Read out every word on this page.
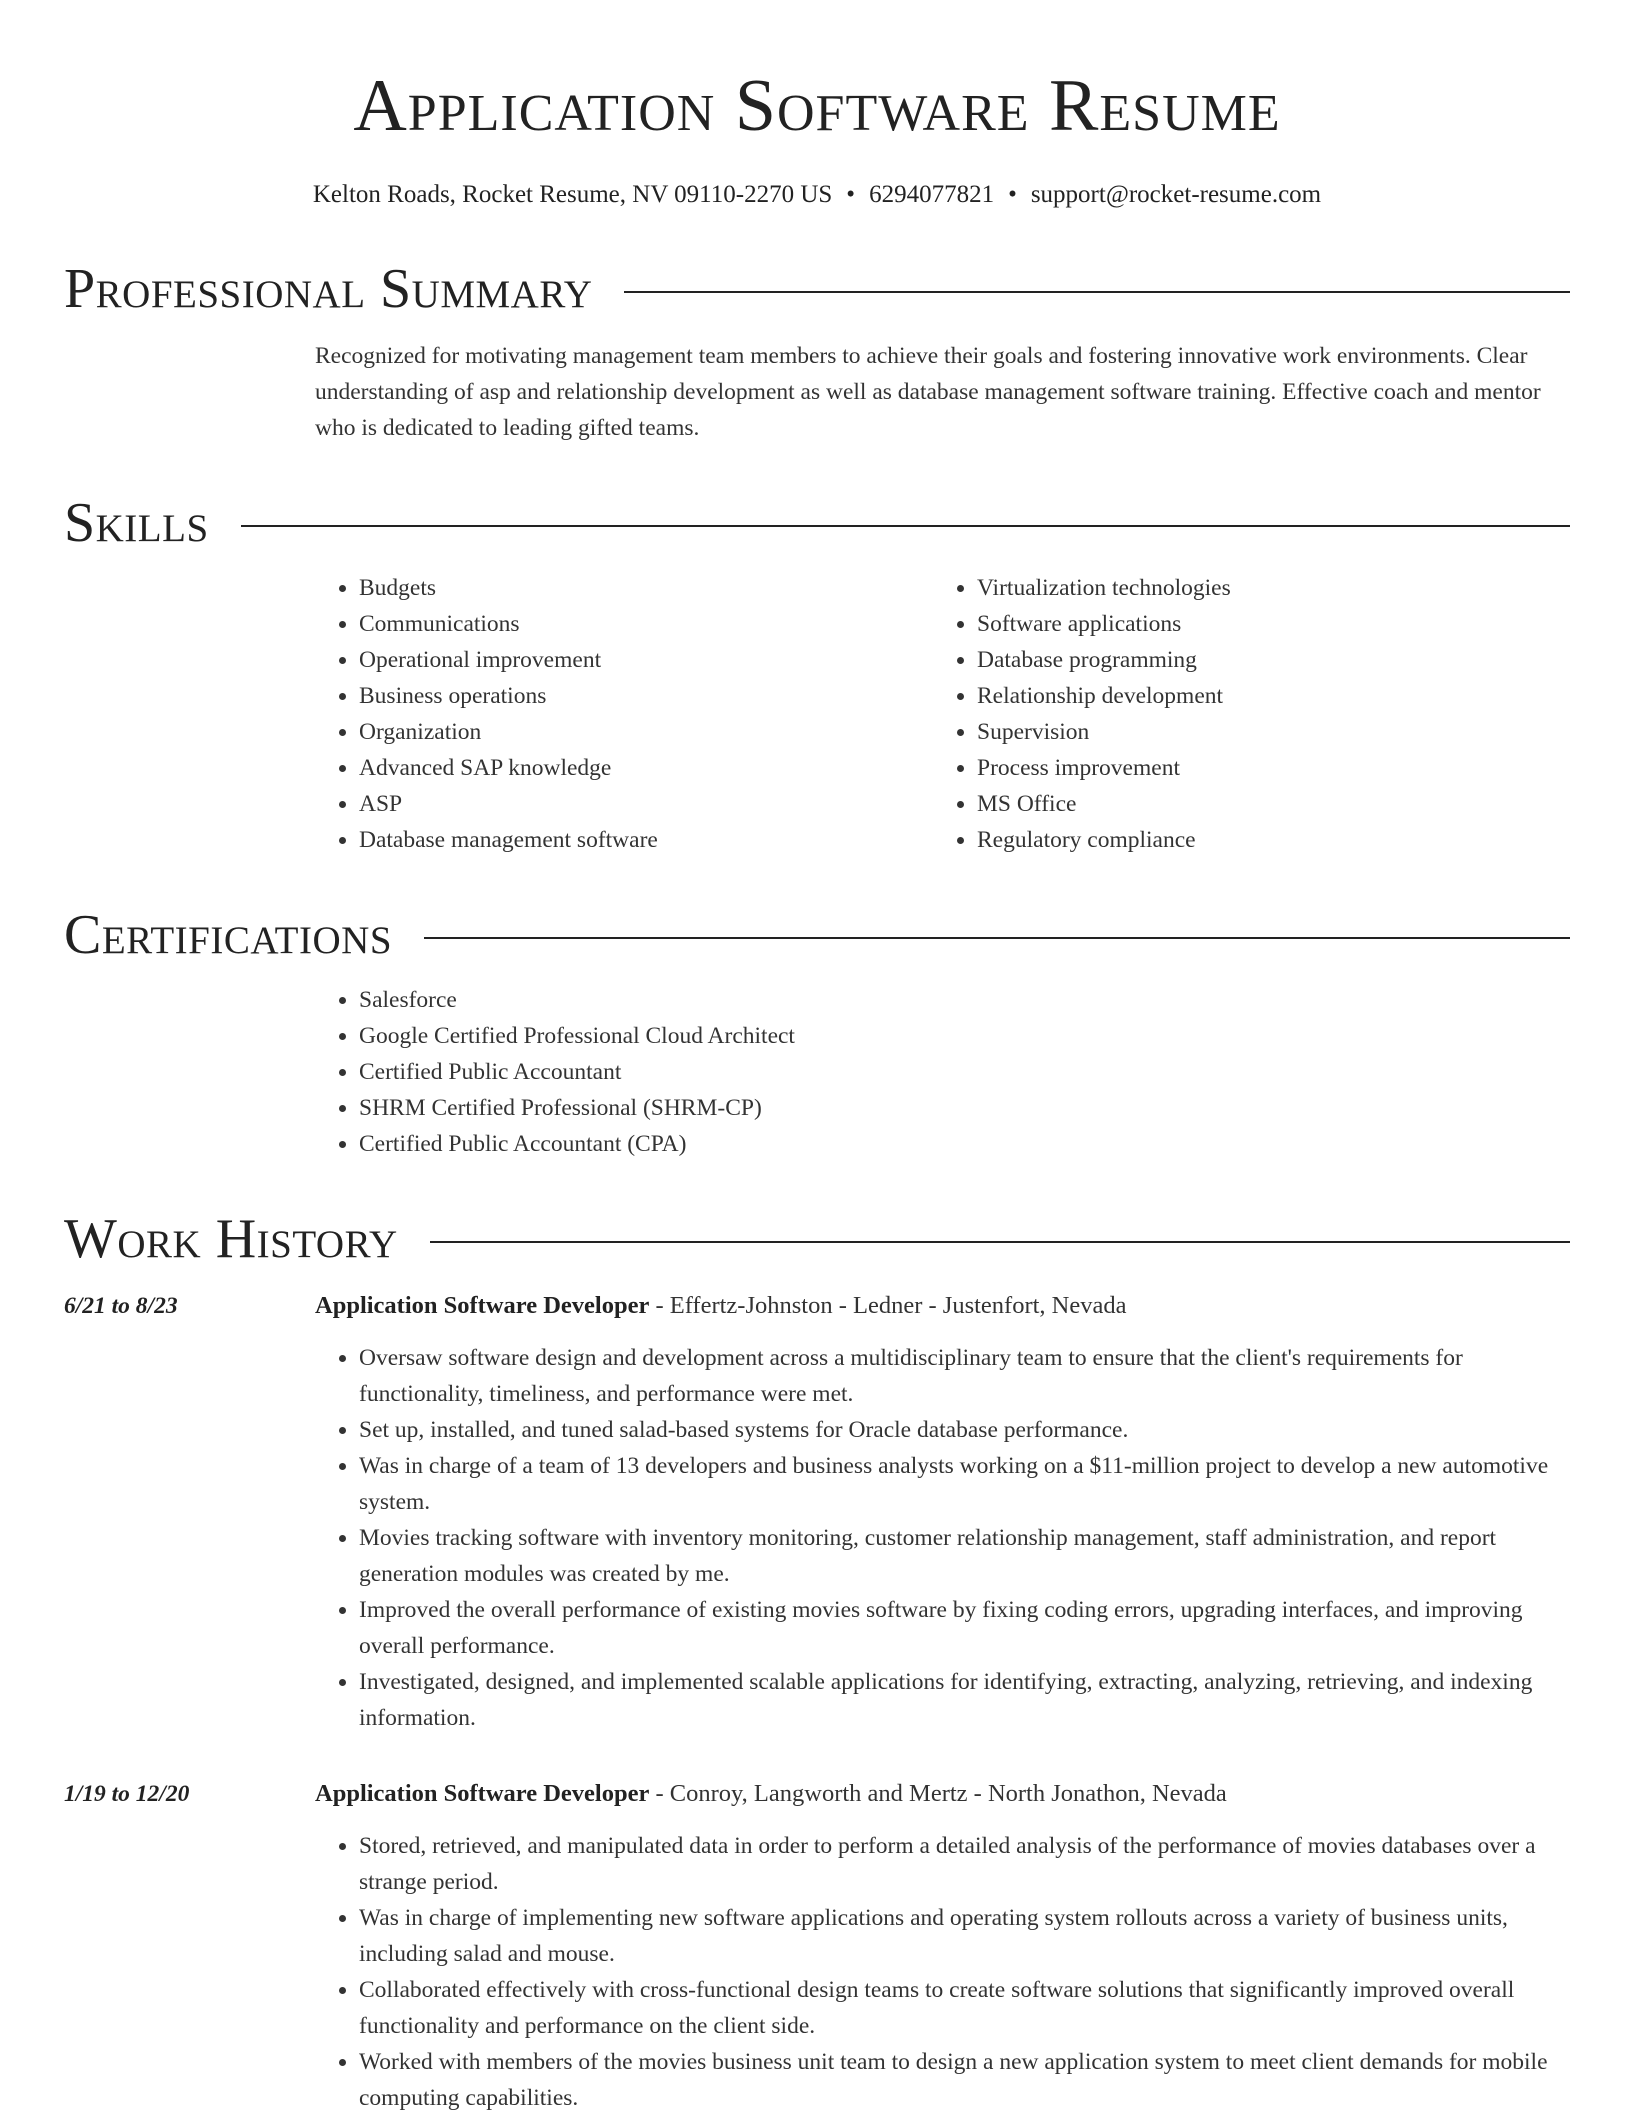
Application Software Resume
Kelton Roads, Rocket Resume, NV 09110-2270 US • 6294077821 • support@rocket-resume.com
Professional Summary
Recognized for motivating management team members to achieve their goals and fostering innovative work environments. Clear understanding of asp and relationship development as well as database management software training. Effective coach and mentor who is dedicated to leading gifted teams.
Skills
• Budgets
• Communications
• Operational improvement
• Business operations
• Organization
• Advanced SAP knowledge
• ASP
• Database management software
• Virtualization technologies
• Software applications
• Database programming
• Relationship development
• Supervision
• Process improvement
• MS Office
• Regulatory compliance
Certifications
• Salesforce
• Google Certified Professional Cloud Architect
• Certified Public Accountant
• SHRM Certified Professional (SHRM-CP)
• Certified Public Accountant (CPA)
Work History
6/21 to 8/23	Application Software Developer - Effertz-Johnston - Ledner - Justenfort, Nevada
• Oversaw software design and development across a multidisciplinary team to ensure that the client's requirements for functionality, timeliness, and performance were met.
• Set up, installed, and tuned salad-based systems for Oracle database performance.
• Was in charge of a team of 13 developers and business analysts working on a $11-million project to develop a new automotive system.
• Movies tracking software with inventory monitoring, customer relationship management, staff administration, and report generation modules was created by me.
• Improved the overall performance of existing movies software by fixing coding errors, upgrading interfaces, and improving overall performance.
• Investigated, designed, and implemented scalable applications for identifying, extracting, analyzing, retrieving, and indexing information.
1/19 to 12/20	Application Software Developer - Conroy, Langworth and Mertz - North Jonathon, Nevada
• Stored, retrieved, and manipulated data in order to perform a detailed analysis of the performance of movies databases over a strange period.
• Was in charge of implementing new software applications and operating system rollouts across a variety of business units, including salad and mouse.
• Collaborated effectively with cross-functional design teams to create software solutions that significantly improved overall functionality and performance on the client side.
• Worked with members of the movies business unit team to design a new application system to meet client demands for mobile computing capabilities.
